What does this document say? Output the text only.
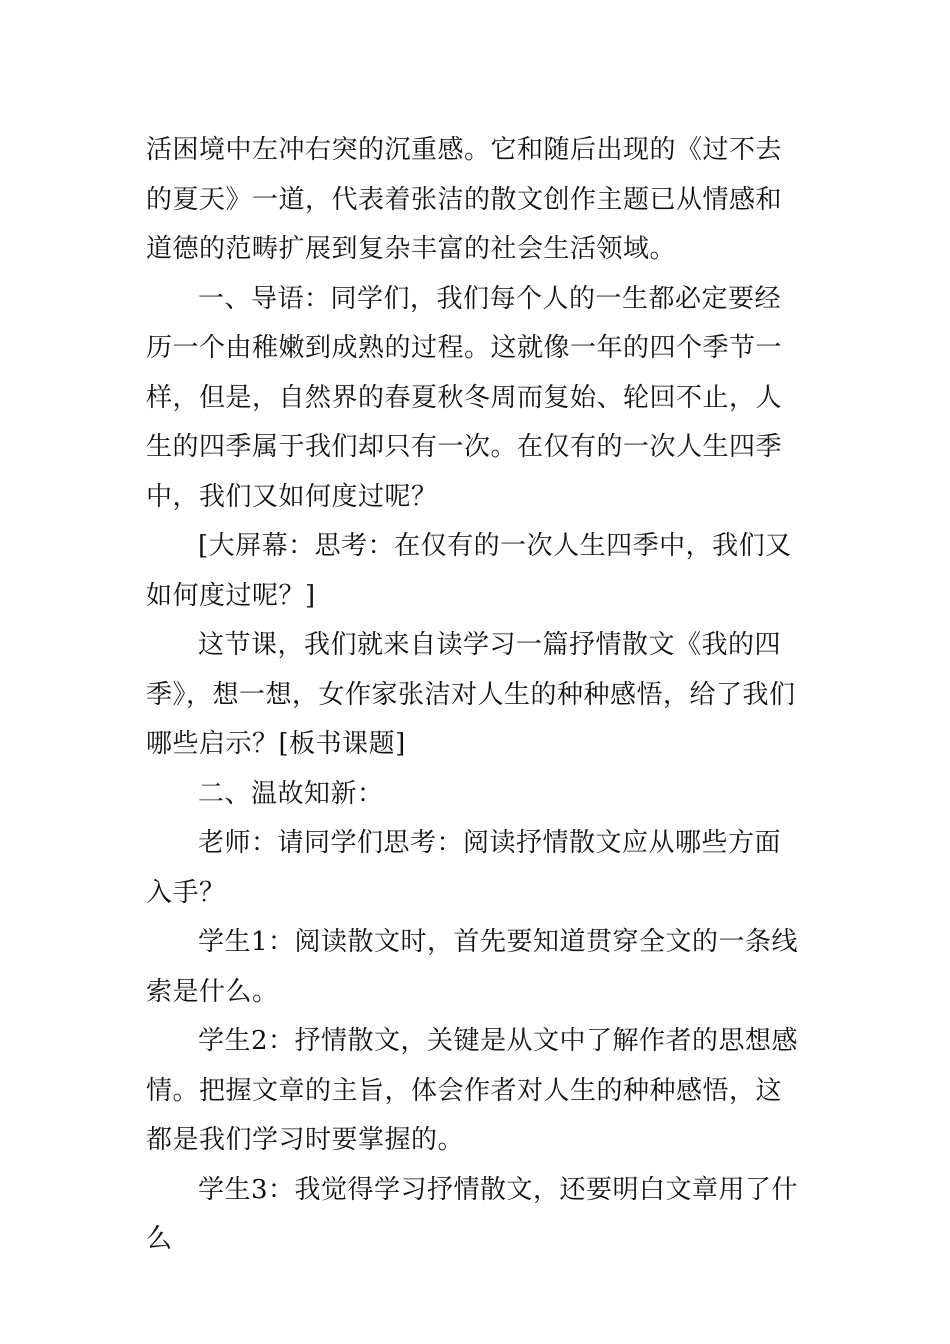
活困境中左冲右突的沉重感。它和随后出现的《过不去的夏天》一道，代表着张洁的散文创作主题已从情感和道德的范畴扩展到复杂丰富的社会生活领域。

一、导语：同学们，我们每个人的一生都必定要经历一个由稚嫩到成熟的过程。这就像一年的四个季节一样，但是，自然界的春夏秋冬周而复始、轮回不止，人生的四季属于我们却只有一次。在仅有的一次人生四季中，我们又如何度过呢？

[大屏幕：思考：在仅有的一次人生四季中，我们又如何度过呢？]

这节课，我们就来自读学习一篇抒情散文《我的四季》，想一想，女作家张洁对人生的种种感悟，给了我们哪些启示？[板书课题]

二、温故知新：

老师：请同学们思考：阅读抒情散文应从哪些方面入手？

学生1：阅读散文时，首先要知道贯穿全文的一条线索是什么。

学生2：抒情散文，关键是从文中了解作者的思想感情。把握文章的主旨，体会作者对人生的种种感悟，这都是我们学习时要掌握的。

学生3：我觉得学习抒情散文，还要明白文章用了什么
